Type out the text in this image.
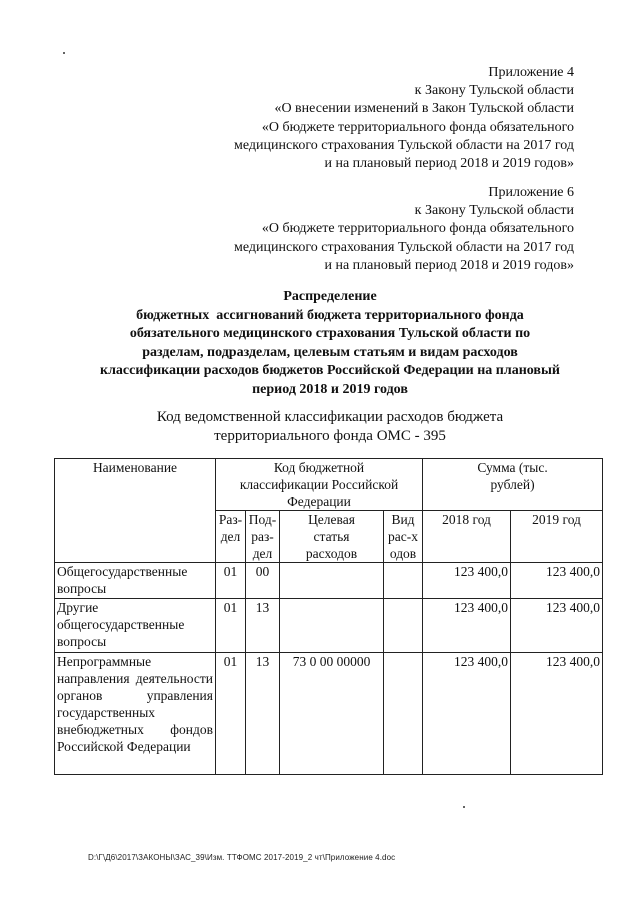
Приложение 4
к Закону Тульской области
«О внесении изменений в Закон Тульской области
«О бюджете территориального фонда обязательного
медицинского страхования Тульской области на 2017 год
и на плановый период 2018 и 2019 годов»
Приложение 6
к Закону Тульской области
«О бюджете территориального фонда обязательного
медицинского страхования Тульской области на 2017 год
и на плановый период 2018 и 2019 годов»
Распределение
бюджетных  ассигнований бюджета территориального фонда
обязательного медицинского страхования Тульской области по
разделам, подразделам, целевым статьям и видам расходов
классификации расходов бюджетов Российской Федерации на плановый
период 2018 и 2019 годов
Код ведомственной классификации расходов бюджета
территориального фонда ОМС - 395
Наименование	Код бюджетной классификации Российской Федерации				Сумма (тыс. рублей)	
	Раз-дел	Под-раз-дел	Целевая статья расходов	Вид рас-ходов	2018 год	2019 год
Общегосударственные вопросы	01	00			123 400,0	123 400,0
Другие общегосударственные вопросы	01	13			123 400,0	123 400,0
Непрограммные направления деятельности органов управления государственных внебюджетных фондов Российской Федерации	01	13	73 0 00 00000		123 400,0	123 400,0
D:\Г\Д6\2017\ЗАКОНЫ\ЗАС_39\Изм. ТТФОМС 2017-2019_2 чт\Приложение 4.doc
